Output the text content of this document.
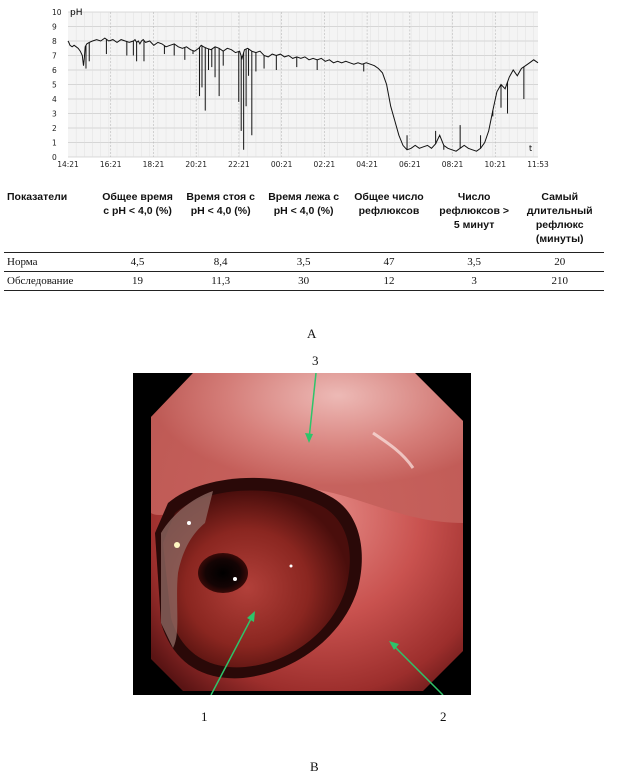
0
1
2
3
4
5
6
7
8
9
10
14:21	16:21	18:21	20:21	22:21	00:21	02:21	04:21	06:21	08:21	10:21	11:53
pH
t
Показатели	Общее время с рН < 4,0 (%)	Время стоя с рН < 4,0 (%)	Время лежа с рН < 4,0 (%)	Общее число рефлюксов	Число рефлюксов > 5 минут	Самый длительный рефлюкс (минуты)
Норма	4,5	8,4	3,5	47	3,5	20
Обследование	19	11,3	30	12	3	210
A
3
1	2
B
